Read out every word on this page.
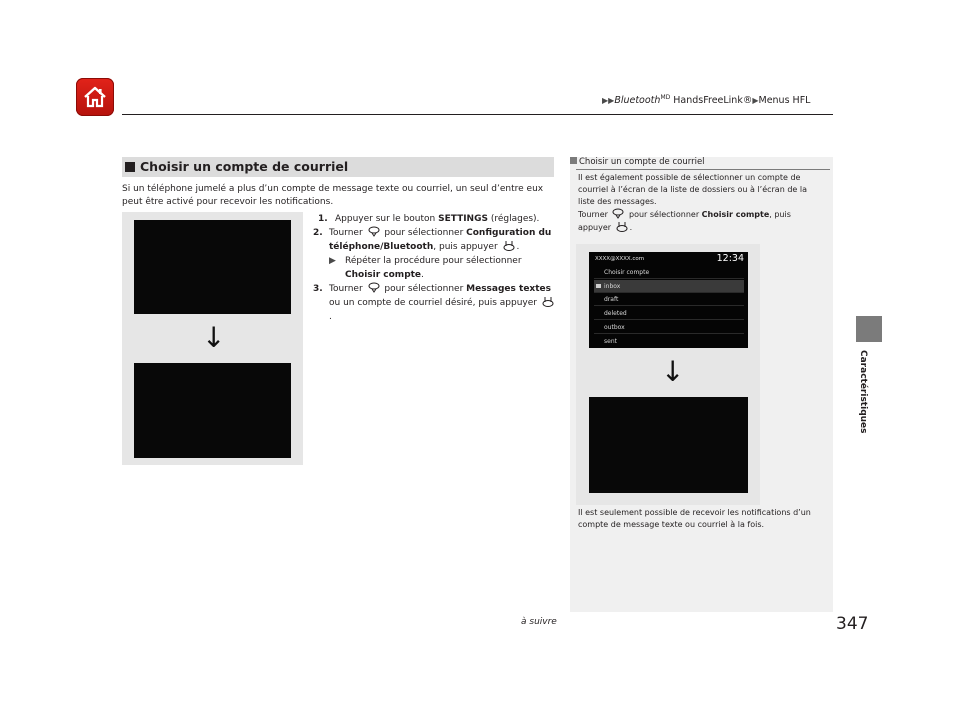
▶▶Bluetooth$^{MD}$ HandsFreeLink®▶Menus HFL
Caractéristiques
Choisir un compte de courriel
Si un téléphone jumelé a plus d’un compte de message texte ou courriel, un seul d’entre eux peut être activé pour recevoir les notifications.
↓
1. Appuyer sur le bouton SETTINGS (réglages).
2. Tourner  pour sélectionner Configuration du téléphone/Bluetooth, puis appuyer .
▶ Répéter la procédure pour sélectionner Choisir compte.
3. Tourner  pour sélectionner Messages textes ou un compte de courriel désiré, puis appuyer .
Choisir un compte de courriel
Il est également possible de sélectionner un compte de courriel à l’écran de la liste de dossiers ou à l’écran de la liste des messages.
Tourner  pour sélectionner Choisir compte, puis appuyer .
XXXX@XXXX.com	12:34
Choisir compte
inbox
draft
deleted
outbox
sent
↓
Il est seulement possible de recevoir les notifications d’un compte de message texte ou courriel à la fois.
à suivre	347
